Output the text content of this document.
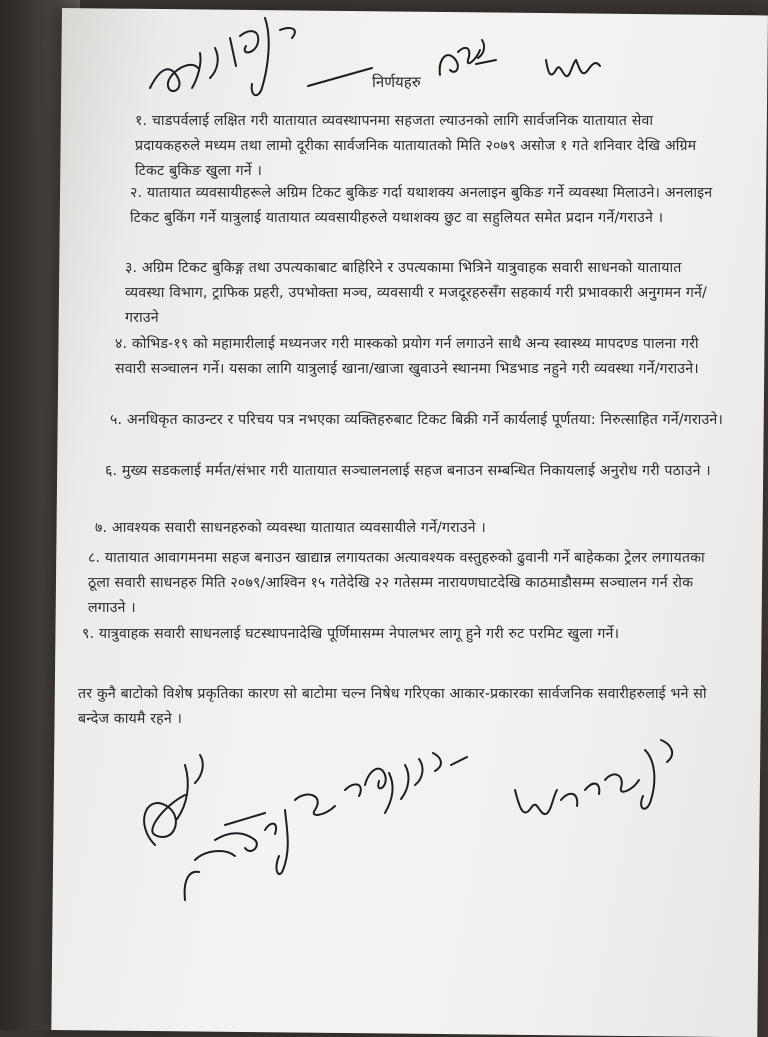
निर्णयहरु
१. चाडपर्वलाई लक्षित गरी यातायात व्यवस्थापनमा सहजता ल्याउनको लागि सार्वजनिक यातायात सेवा प्रदायकहरुले मध्यम तथा लामो दूरीका सार्वजनिक यातायातको मिति २०७९ असोज १ गते शनिवार देखि अग्रिम टिकट बुकिङ खुला गर्ने ।
२. यातायात व्यवसायीहरूले अग्रिम टिकट बुकिङ गर्दा यथाशक्य अनलाइन बुकिङ गर्ने व्यवस्था मिलाउने। अनलाइन टिकट बुकिंग गर्ने यात्रुलाई यातायात व्यवसायीहरुले यथाशक्य छुट वा सहुलियत समेत प्रदान गर्ने/गराउने ।
३. अग्रिम टिकट बुकिङ्ग तथा उपत्यकाबाट बाहिरिने र उपत्यकामा भित्रिने यात्रुवाहक सवारी साधनको यातायात व्यवस्था विभाग, ट्राफिक प्रहरी, उपभोक्ता मञ्च, व्यवसायी र मजदूरहरुसँग सहकार्य गरी प्रभावकारी अनुगमन गर्ने/गराउने
४. कोभिड-१९ को महामारीलाई मध्यनजर गरी मास्कको प्रयोग गर्न लगाउने साथै अन्य स्वास्थ्य मापदण्ड पालना गरी सवारी सञ्चालन गर्ने। यसका लागि यात्रुलाई खाना/खाजा खुवाउने स्थानमा भिडभाड नहुने गरी व्यवस्था गर्ने/गराउने।
५. अनधिकृत काउन्टर र परिचय पत्र नभएका व्यक्तिहरुबाट टिकट बिक्री गर्ने कार्यलाई पूर्णतया: निरुत्साहित गर्ने/गराउने।
६. मुख्य सडकलाई मर्मत/संभार गरी यातायात सञ्चालनलाई सहज बनाउन सम्बन्धित निकायलाई अनुरोध गरी पठाउने ।
७. आवश्यक सवारी साधनहरुको व्यवस्था यातायात व्यवसायीले गर्ने/गराउने ।
८. यातायात आवागमनमा सहज बनाउन खाद्यान्न लगायतका अत्यावश्यक वस्तुहरुको ढुवानी गर्ने बाहेकका ट्रेलर लगायतका ठूला सवारी साधनहरु मिति २०७९/आश्विन १५ गतेदेखि २२ गतेसम्म नारायणघाटदेखि काठमाडौसम्म सञ्चालन गर्न रोक लगाउने ।
९. यात्रुवाहक सवारी साधनलाई घटस्थापनादेखि पूर्णिमासम्म नेपालभर लागू हुने गरी रुट परमिट खुला गर्ने।
तर कुनै बाटोको विशेष प्रकृतिका कारण सो बाटोमा चल्न निषेध गरिएका आकार-प्रकारका सार्वजनिक सवारीहरुलाई भने सो बन्देज कायमै रहने ।
